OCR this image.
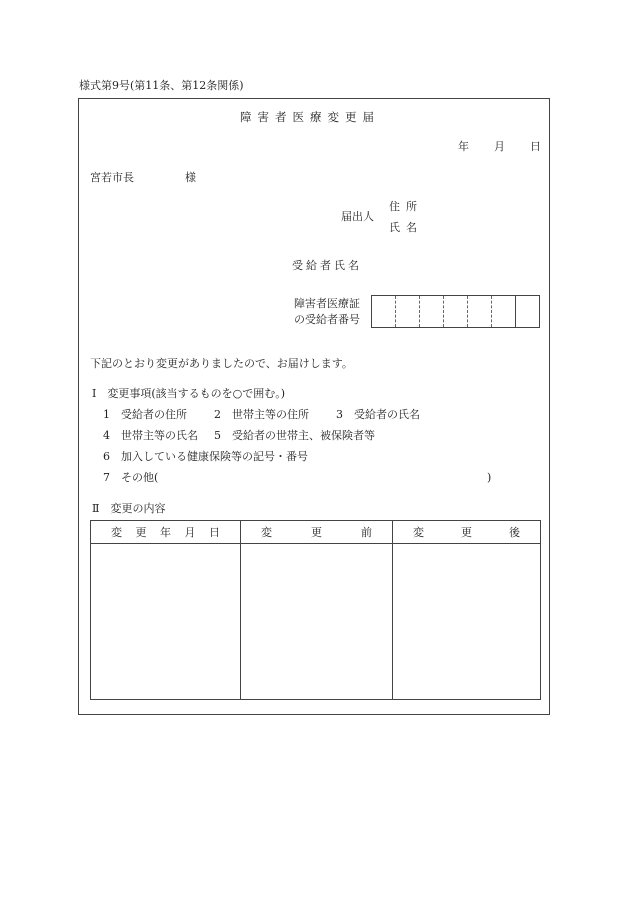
様式第9号(第11条、第12条関係)
障害者医療変更届
年 月 日
宮若市長	様
届出人
住所
氏名
受給者氏名
障害者医療証
の受給者番号
下記のとおり変更がありましたので、お届けします。
Ⅰ　変更事項(該当するものを○で囲む。)
1　受給者の住所 2　世帯主等の住所 3　受給者の氏名
4　世帯主等の氏名 5　受給者の世帯主、被保険者等
6　加入している健康保険等の記号・番号
7　その他(	)
Ⅱ　変更の内容
変 更 年 月 日	変 更 前	変 更 後
